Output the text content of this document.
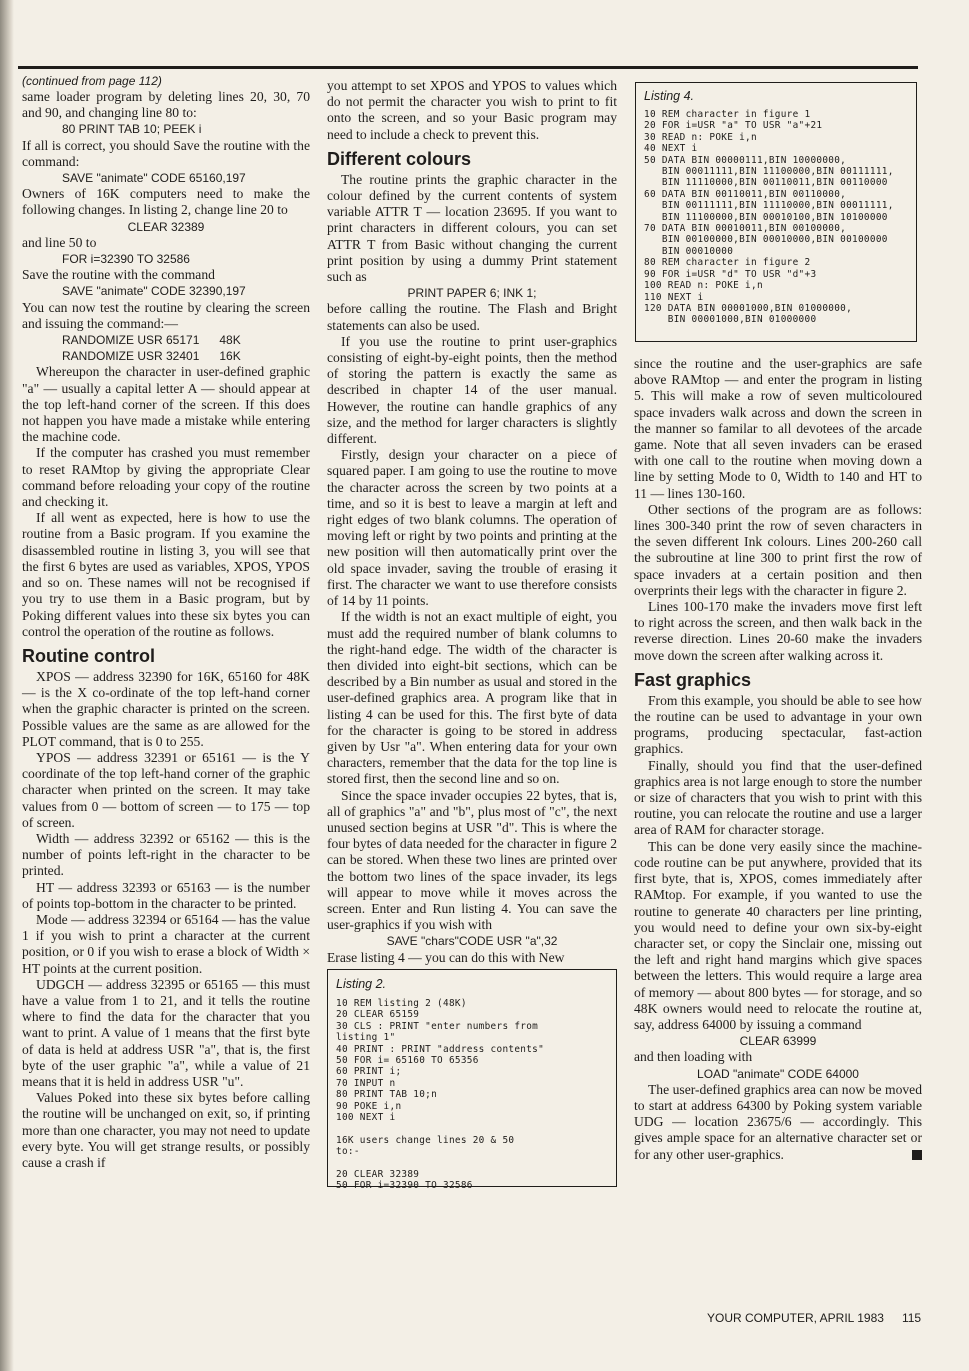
(continued from page 112)

same loader program by deleting lines 20, 30, 70 and 90, and changing line 80 to:

80 PRINT TAB 10; PEEK i

If all is correct, you should Save the routine with the command:

SAVE "animate" CODE 65160,197

Owners of 16K computers need to make the following changes. In listing 2, change line 20 to

CLEAR 32389

and line 50 to

FOR i=32390 TO 32586

Save the routine with the command

SAVE "animate" CODE 32390,197

You can now test the routine by clearing the screen and issuing the command:—

RANDOMIZE USR 65171      48K
RANDOMIZE USR 32401      16K

Whereupon the character in user-defined graphic "a" — usually a capital letter A — should appear at the top left-hand corner of the screen. If this does not happen you have made a mistake while entering the machine code.

If the computer has crashed you must remember to reset RAMtop by giving the appropriate Clear command before reloading your copy of the routine and checking it.

If all went as expected, here is how to use the routine from a Basic program. If you examine the disassembled routine in listing 3, you will see that the first 6 bytes are used as variables, XPOS, YPOS and so on. These names will not be recognised if you try to use them in a Basic program, but by Poking different values into these six bytes you can control the operation of the routine as follows.

Routine control

XPOS — address 32390 for 16K, 65160 for 48K — is the X co-ordinate of the top left-hand corner when the graphic character is printed on the screen. Possible values are the same as are allowed for the PLOT command, that is 0 to 255.

YPOS — address 32391 or 65161 — is the Y coordinate of the top left-hand corner of the graphic character when printed on the screen. It may take values from 0 — bottom of screen — to 175 — top of screen.

Width — address 32392 or 65162 — this is the number of points left-right in the character to be printed.

HT — address 32393 or 65163 — is the number of points top-bottom in the character to be printed.

Mode — address 32394 or 65164 — has the value 1 if you wish to print a character at the current position, or 0 if you wish to erase a block of Width × HT points at the current position.

UDGCH — address 32395 or 65165 — this must have a value from 1 to 21, and it tells the routine where to find the data for the character that you want to print. A value of 1 means that the first byte of data is held at address USR "a", that is, the first byte of the user graphic "a", while a value of 21 means that it is held in address USR "u".

Values Poked into these six bytes before calling the routine will be unchanged on exit, so, if printing more than one character, you may not need to update every byte. You will get strange results, or possibly cause a crash if

you attempt to set XPOS and YPOS to values which do not permit the character you wish to print to fit onto the screen, and so your Basic program may need to include a check to prevent this.

Different colours

The routine prints the graphic character in the colour defined by the current contents of system variable ATTR T — location 23695. If you want to print characters in different colours, you can set ATTR T from Basic without changing the current print position by using a dummy Print statement such as

PRINT PAPER 6; INK 1;

before calling the routine. The Flash and Bright statements can also be used.

If you use the routine to print user-graphics consisting of eight-by-eight points, then the method of storing the pattern is exactly the same as described in chapter 14 of the user manual. However, the routine can handle graphics of any size, and the method for larger characters is slightly different.

Firstly, design your character on a piece of squared paper. I am going to use the routine to move the character across the screen by two points at a time, and so it is best to leave a margin at left and right edges of two blank columns. The operation of moving left or right by two points and printing at the new position will then automatically print over the old space invader, saving the trouble of erasing it first. The character we want to use therefore consists of 14 by 11 points.

If the width is not an exact multiple of eight, you must add the required number of blank columns to the right-hand edge. The width of the character is then divided into eight-bit sections, which can be described by a Bin number as usual and stored in the user-defined graphics area. A program like that in listing 4 can be used for this. The first byte of data for the character is going to be stored in address given by Usr "a". When entering data for your own characters, remember that the data for the top line is stored first, then the second line and so on.

Since the space invader occupies 22 bytes, that is, all of graphics "a" and "b", plus most of "c", the next unused section begins at USR "d". This is where the four bytes of data needed for the character in figure 2 can be stored. When these two lines are printed over the bottom two lines of the space invader, its legs will appear to move while it moves across the screen. Enter and Run listing 4. You can save the user-graphics if you wish with

SAVE "chars"CODE USR "a",32

Erase listing 4 — you can do this with New

Listing 2.
10 REM listing 2 (48K)
20 CLEAR 65159
30 CLS : PRINT "enter numbers from
listing 1"
40 PRINT : PRINT "address contents"
50 FOR i= 65160 TO 65356
60 PRINT i;
70 INPUT n
80 PRINT TAB 10;n
90 POKE i,n
100 NEXT i

16K users change lines 20 & 50
to:-

20 CLEAR 32389
50 FOR i=32390 TO 32586
Listing 4.
10 REM character in figure 1
20 FOR i=USR "a" TO USR "a"+21
30 READ n: POKE i,n
40 NEXT i
50 DATA BIN 00000111,BIN 10000000,
BIN 00011111,BIN 11100000,BIN 00111111,
BIN 11110000,BIN 00110011,BIN 00110000
60 DATA BIN 00110011,BIN 00110000,
BIN 00111111,BIN 11110000,BIN 00011111,
BIN 11100000,BIN 00010100,BIN 10100000
70 DATA BIN 00010011,BIN 00100000,
BIN 00100000,BIN 00010000,BIN 00100000
BIN 00010000
80 REM character in figure 2
90 FOR i=USR "d" TO USR "d"+3
100 READ n: POKE i,n
110 NEXT i
120 DATA BIN 00001000,BIN 01000000,
BIN 00001000,BIN 01000000

since the routine and the user-graphics are safe above RAMtop — and enter the program in listing 5. This will make a row of seven multicoloured space invaders walk across and down the screen in the manner so familar to all devotees of the arcade game. Note that all seven invaders can be erased with one call to the routine when moving down a line by setting Mode to 0, Width to 140 and HT to 11 — lines 130-160.

Other sections of the program are as follows: lines 300-340 print the row of seven characters in the seven different Ink colours. Lines 200-260 call the subroutine at line 300 to print first the row of space invaders at a certain position and then overprints their legs with the character in figure 2.

Lines 100-170 make the invaders move first left to right across the screen, and then walk back in the reverse direction. Lines 20-60 make the invaders move down the screen after walking across it.

Fast graphics

From this example, you should be able to see how the routine can be used to advantage in your own programs, producing spectacular, fast-action graphics.

Finally, should you find that the user-defined graphics area is not large enough to store the number or size of characters that you wish to print with this routine, you can relocate the routine and use a larger area of RAM for character storage.

This can be done very easily since the machine-code routine can be put anywhere, provided that its first byte, that is, XPOS, comes immediately after RAMtop. For example, if you wanted to use the routine to generate 40 characters per line printing, you would need to define your own six-by-eight character set, or copy the Sinclair one, missing out the left and right hand margins which give spaces between the letters. This would require a large area of memory — about 800 bytes — for storage, and so 48K owners would need to relocate the routine at, say, address 64000 by issuing a command

CLEAR 63999

and then loading with

LOAD "animate" CODE 64000

The user-defined graphics area can now be moved to start at address 64300 by Poking system variable UDG — location 23675/6 — accordingly. This gives ample space for an alternative character set or for any other user-graphics.

YOUR COMPUTER, APRIL 1983 115
